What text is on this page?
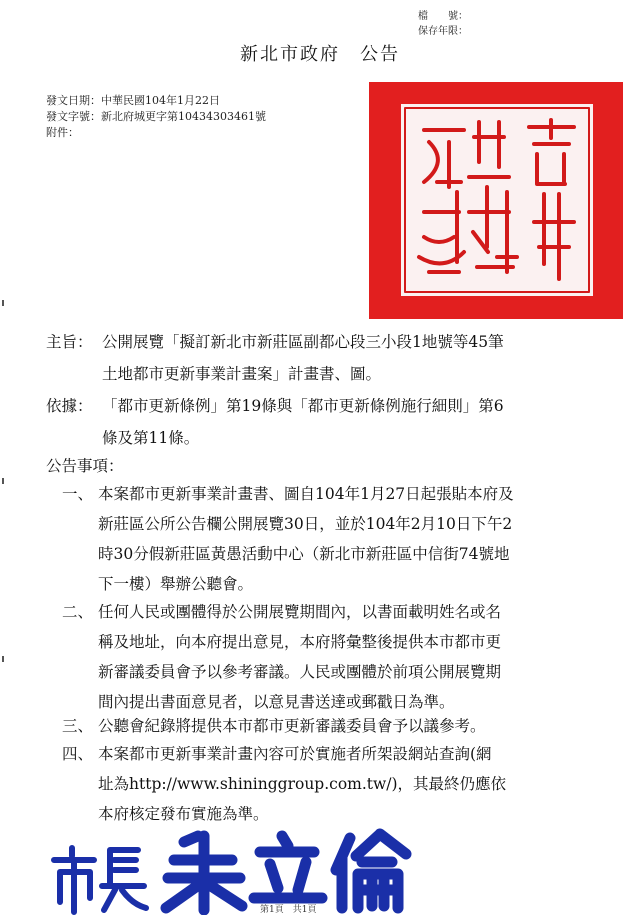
檔　　號：
保存年限：
新北市政府　公告
發文日期：中華民國104年1月22日
發文字號：新北府城更字第10434303461號
附件：
主旨： 公開展覽「擬訂新北市新莊區副都心段三小段1地號等45筆
土地都市更新事業計畫案」計畫書、圖。
依據： 「都市更新條例」第19條與「都市更新條例施行細則」第6
條及第11條。
公告事項：
一、 本案都市更新事業計畫書、圖自104年1月27日起張貼本府及
新莊區公所公告欄公開展覽30日，並於104年2月10日下午2
時30分假新莊區黃愚活動中心（新北市新莊區中信街74號地
下一樓）舉辦公聽會。
二、 任何人民或團體得於公開展覽期間內，以書面載明姓名或名
稱及地址，向本府提出意見，本府將彙整後提供本市都市更
新審議委員會予以參考審議。人民或團體於前項公開展覽期
間內提出書面意見者，以意見書送達或郵戳日為準。
三、 公聽會紀錄將提供本市都市更新審議委員會予以議參考。
四、 本案都市更新事業計畫內容可於實施者所架設網站查詢(網
址為http://www.shininggroup.com.tw/)，其最終仍應依
本府核定發布實施為準。
第1頁　共1頁
